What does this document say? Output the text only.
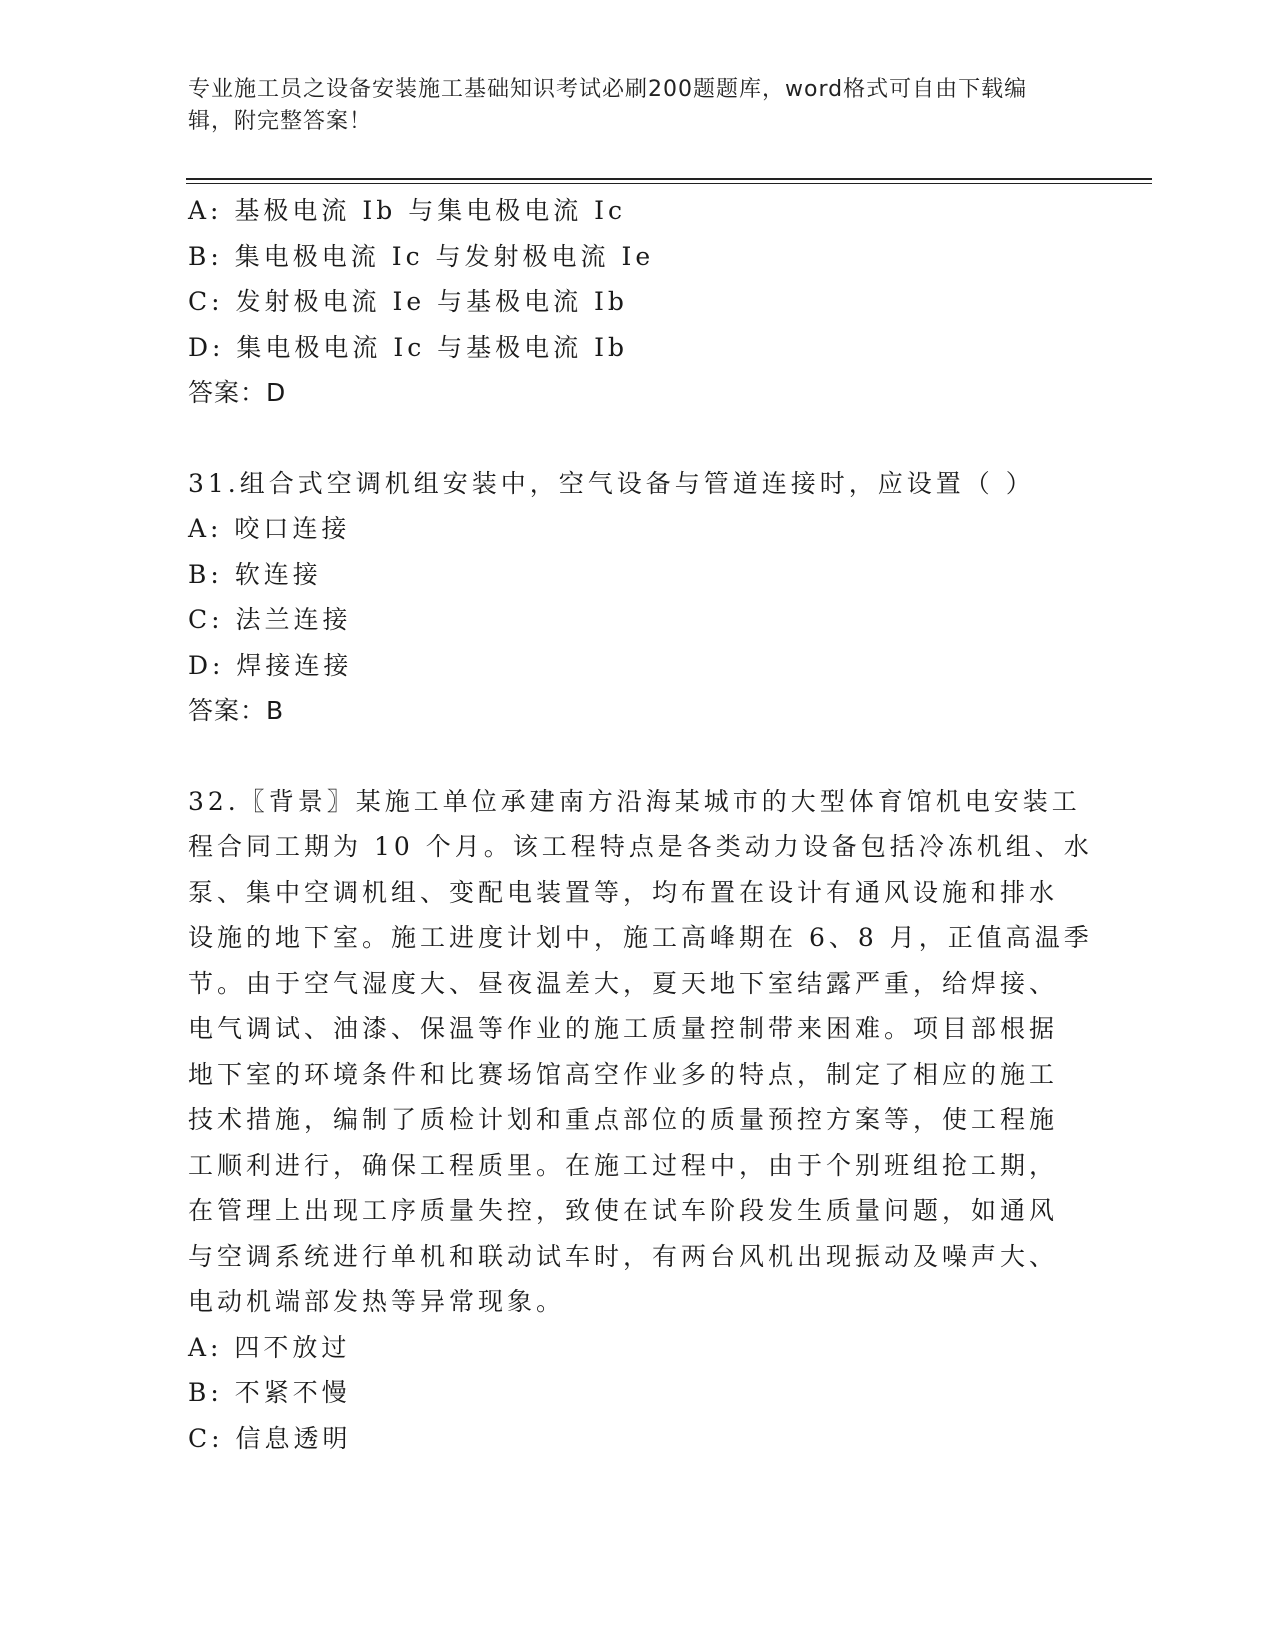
专业施工员之设备安装施工基础知识考试必刷200题题库，word格式可自由下载编辑，附完整答案！
A: 基极电流 Ib 与集电极电流 Ic
B: 集电极电流 Ic 与发射极电流 Ie
C: 发射极电流 Ie 与基极电流 Ib
D: 集电极电流 Ic 与基极电流 Ib
答案：D
31.组合式空调机组安装中，空气设备与管道连接时，应设置（ ）
A: 咬口连接
B: 软连接
C: 法兰连接
D: 焊接连接
答案：B
32.〖背景〗某施工单位承建南方沿海某城市的大型体育馆机电安装工
程合同工期为 10 个月。该工程特点是各类动力设备包括冷冻机组、水
泵、集中空调机组、变配电装置等，均布置在设计有通风设施和排水
设施的地下室。施工进度计划中，施工高峰期在 6、8 月，正值高温季
节。由于空气湿度大、昼夜温差大，夏天地下室结露严重，给焊接、
电气调试、油漆、保温等作业的施工质量控制带来困难。项目部根据
地下室的环境条件和比赛场馆高空作业多的特点，制定了相应的施工
技术措施，编制了质检计划和重点部位的质量预控方案等，使工程施
工顺利进行，确保工程质里。在施工过程中，由于个别班组抢工期，
在管理上出现工序质量失控，致使在试车阶段发生质量问题，如通风
与空调系统进行单机和联动试车时，有两台风机出现振动及噪声大、
电动机端部发热等异常现象。
A: 四不放过
B: 不紧不慢
C: 信息透明
